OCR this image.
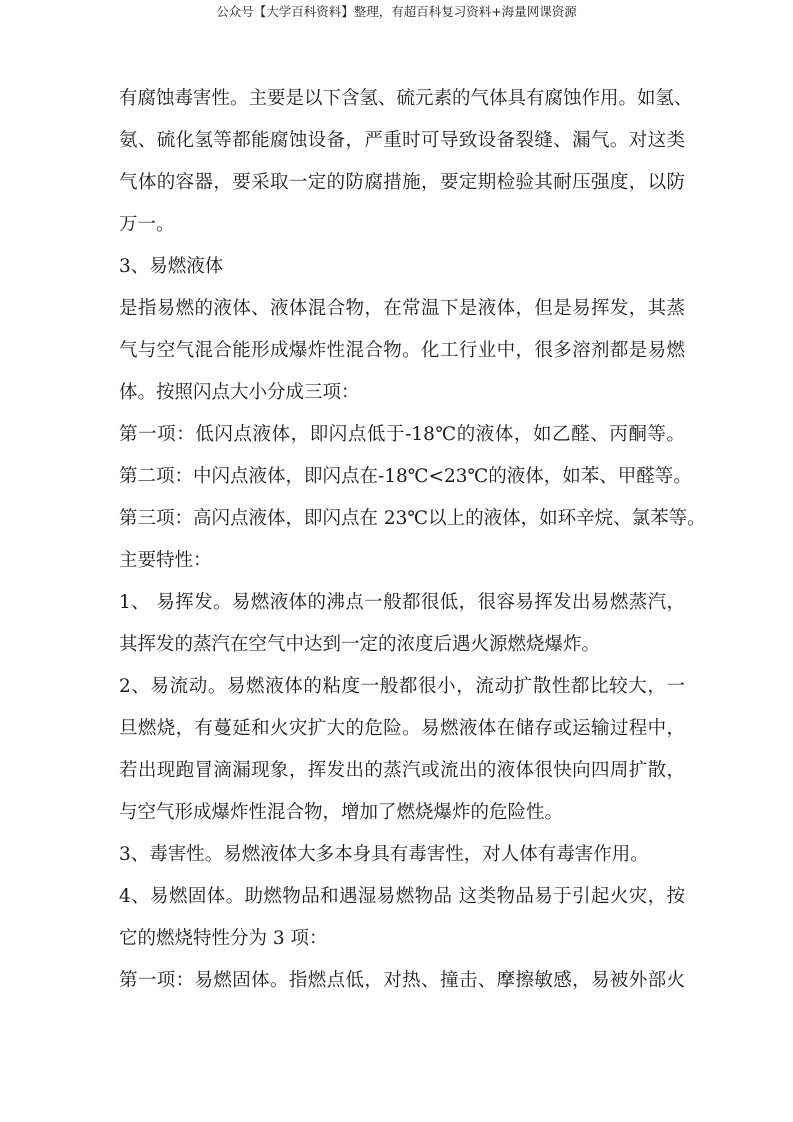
公众号【大学百科资料】整理，有超百科复习资料+海量网课资源
有腐蚀毒害性。主要是以下含氢、硫元素的气体具有腐蚀作用。如氢、
氨、硫化氢等都能腐蚀设备，严重时可导致设备裂缝、漏气。对这类
气体的容器，要采取一定的防腐措施，要定期检验其耐压强度，以防
万一。
3、易燃液体
是指易燃的液体、液体混合物，在常温下是液体，但是易挥发，其蒸
气与空气混合能形成爆炸性混合物。化工行业中，很多溶剂都是易燃
体。按照闪点大小分成三项：
第一项：低闪点液体，即闪点低于-18℃的液体，如乙醛、丙酮等。
第二项：中闪点液体，即闪点在-18℃<23℃的液体，如苯、甲醛等。
第三项：高闪点液体，即闪点在 23℃以上的液体，如环辛烷、氯苯等。
主要特性：
1、 易挥发。易燃液体的沸点一般都很低，很容易挥发出易燃蒸汽，
其挥发的蒸汽在空气中达到一定的浓度后遇火源燃烧爆炸。
2、易流动。易燃液体的粘度一般都很小，流动扩散性都比较大，一
旦燃烧，有蔓延和火灾扩大的危险。易燃液体在储存或运输过程中，
若出现跑冒滴漏现象，挥发出的蒸汽或流出的液体很快向四周扩散，
与空气形成爆炸性混合物，增加了燃烧爆炸的危险性。
3、毒害性。易燃液体大多本身具有毒害性，对人体有毒害作用。
4、易燃固体。助燃物品和遇湿易燃物品 这类物品易于引起火灾，按
它的燃烧特性分为 3 项：
第一项：易燃固体。指燃点低，对热、撞击、摩擦敏感，易被外部火
